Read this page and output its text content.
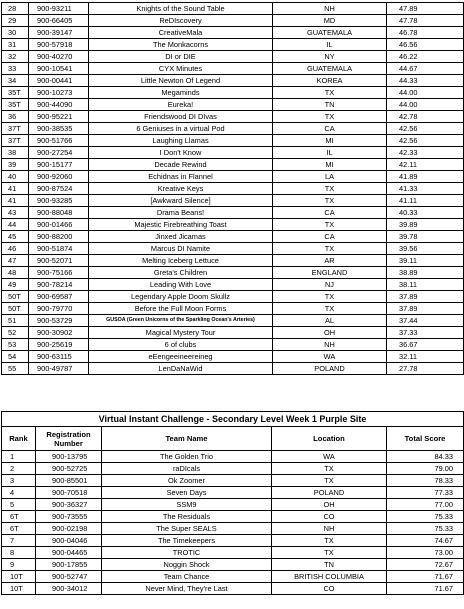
28	900-93211	Knights of the Sound Table	NH	47.89
29	900-66405	ReDIscovery	MD	47.78
30	900-39147	CreativeMala	GUATEMALA	46.78
31	900-57918	The Monkacorns	IL	46.56
32	900-40270	DI or DIE	NY	46.22
33	900-10541	CYX Minutes	GUATEMALA	44.67
34	900-00441	Little Newton Of Legend	KOREA	44.33
35T	900-10273	Megaminds	TX	44.00
35T	900-44090	Eureka!	TN	44.00
36	900-95221	Friendswood DI DIvas	TX	42.78
37T	900-38535	6 Geniuses in a virtual Pod	CA	42.56
37T	900-51766	Laughing Llamas	MI	42.56
38	900-27254	I Don't Know	IL	42.33
39	900-15177	Decade Rewind	MI	42.11
40	900-92060	Echidnas in Flannel	LA	41.89
41	900-87524	Kreative Keys	TX	41.33
41	900-93285	[Awkward Silence]	TX	41.11
43	900-88048	Drama Beans!	CA	40.33
44	900-01466	Majestic Firebreathing Toast	TX	39.89
45	900-88200	Jinxed Jicamas	CA	39.78
46	900-51874	Marcus DI Namite	TX	39.56
47	900-52071	Melting Iceberg Lettuce	AR	39.11
48	900-75166	Greta's Children	ENGLAND	38.89
49	900-78214	Leading With Love	NJ	38.11
50T	900-69587	Legendary Apple Doom Skullz	TX	37.89
50T	900-79770	Before the Full Moon Forms	TX	37.89
51	900-53729	GUSOA (Green Unicorns of the Sparkling Ocean's Arteries)	AL	37.44
52	900-30902	Magical Mystery Tour	OH	37.33
53	900-25619	6 of clubs	NH	36.67
54	900-63115	eEengeeineereineg	WA	32.11
55	900-49787	LenDaNaWid	POLAND	27.78
Virtual Instant Challenge - Secondary Level Week 1 Purple Site				
Rank	Registration Number	Team Name	Location	Total Score
1	900-13795	The Golden Trio	WA	84.33
2	900-52725	raDIcals	TX	79.00
3	900-85501	Ok Zoomer	TX	78.33
4	900-70518	Seven Days	POLAND	77.33
5	900-36327	SSM9	OH	77.00
6T	900-73555	The Residuals	CO	75.33
6T	900-02198	The Super SEALS	NH	75.33
7	900-04046	The Timekeepers	TX	74.67
8	900-04465	TROTIC	TX	73.00
9	900-17855	Noggin Shock	TN	72.67
10T	900-52747	Team Chance	BRITISH COLUMBIA	71.67
10T	900-34012	Never Mind, They're Last	CO	71.67
